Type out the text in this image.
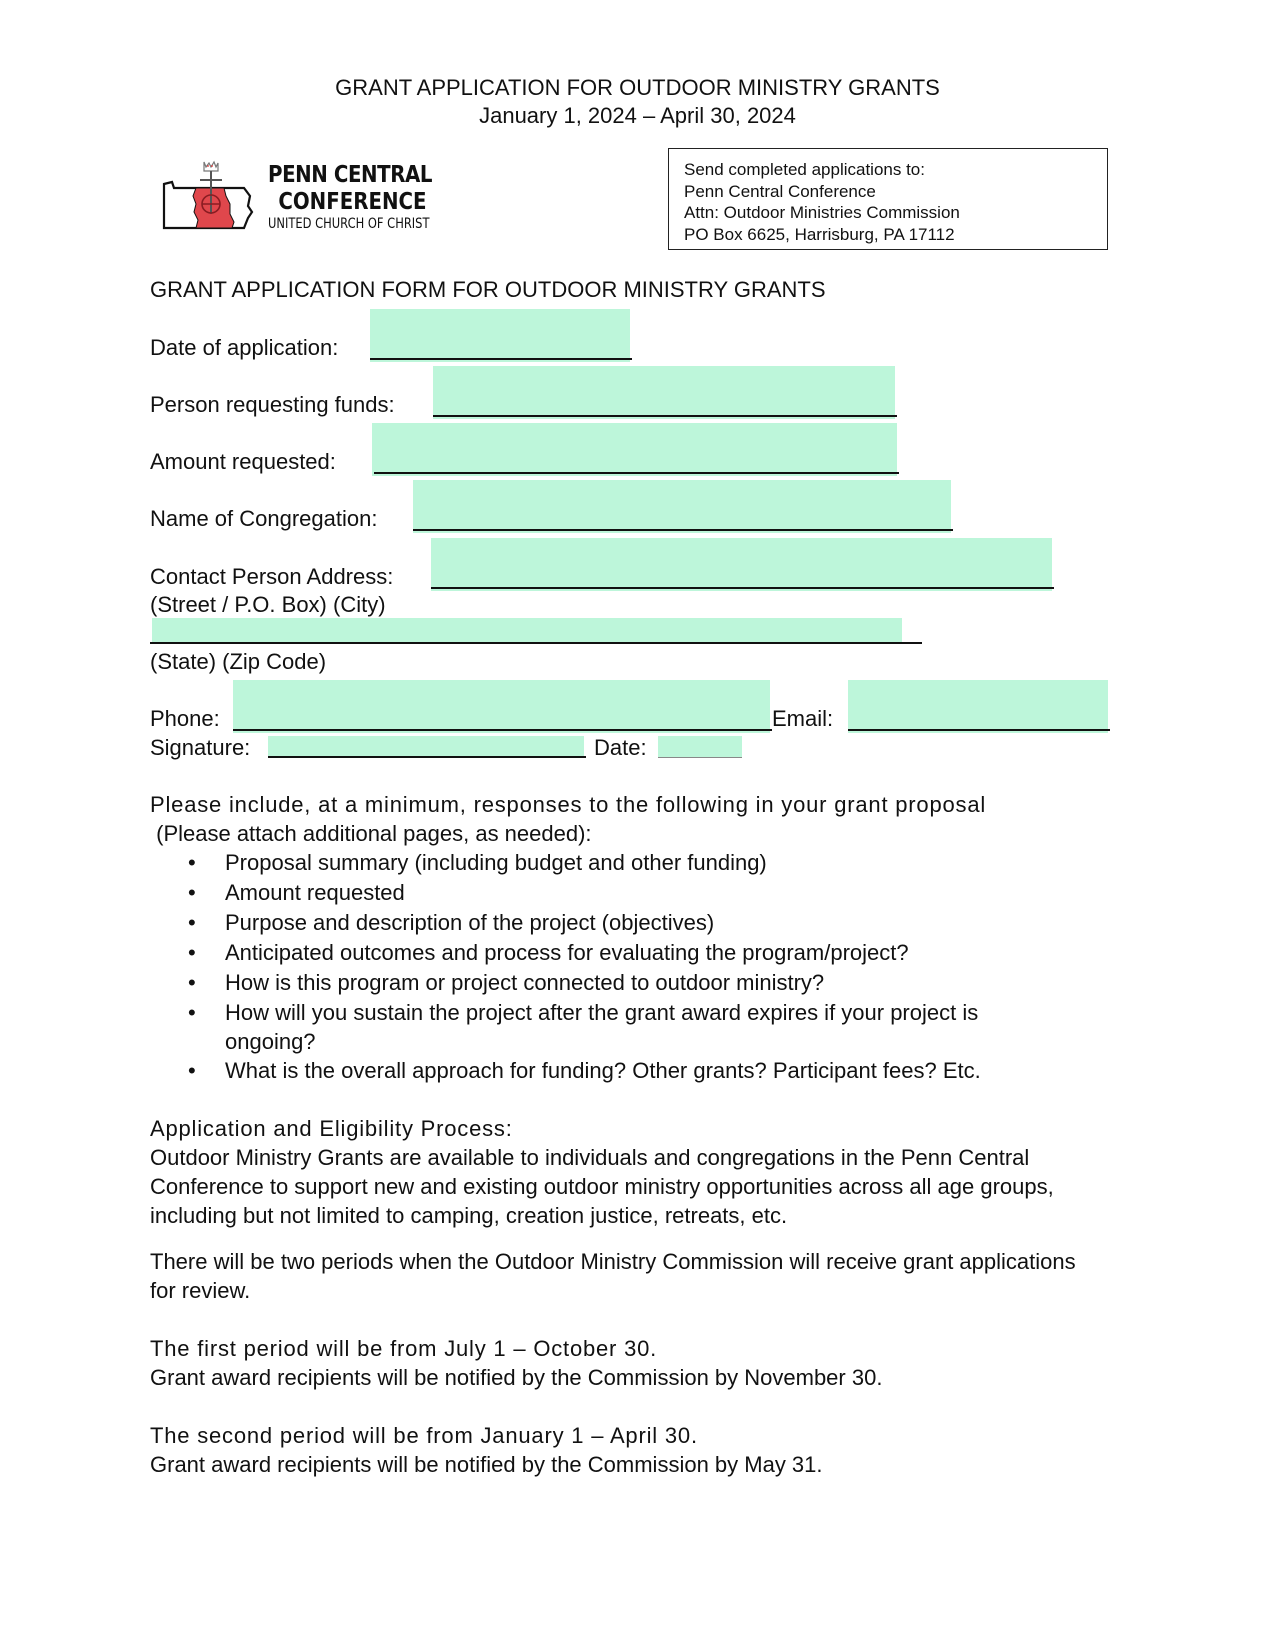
GRANT APPLICATION FOR OUTDOOR MINISTRY GRANTS
January 1, 2024 – April 30, 2024
PENN CENTRAL
CONFERENCE
UNITED CHURCH OF CHRIST
Send completed applications to:
Penn Central Conference
Attn: Outdoor Ministries Commission
PO Box 6625, Harrisburg, PA 17112
GRANT APPLICATION FORM FOR OUTDOOR MINISTRY GRANTS
Date of application:
Person requesting funds:
Amount requested:
Name of Congregation:
Contact Person Address:
(Street / P.O. Box) (City)
(State) (Zip Code)
Phone:	Email:
Signature:	Date:
Please include, at a minimum, responses to the following in your grant proposal
(Please attach additional pages, as needed):
• Proposal summary (including budget and other funding)
• Amount requested
• Purpose and description of the project (objectives)
• Anticipated outcomes and process for evaluating the program/project?
• How is this program or project connected to outdoor ministry?
• How will you sustain the project after the grant award expires if your project is ongoing?
• What is the overall approach for funding? Other grants? Participant fees? Etc.
Application and Eligibility Process:
Outdoor Ministry Grants are available to individuals and congregations in the Penn Central Conference to support new and existing outdoor ministry opportunities across all age groups, including but not limited to camping, creation justice, retreats, etc.
There will be two periods when the Outdoor Ministry Commission will receive grant applications for review.
The first period will be from July 1 – October 30.
Grant award recipients will be notified by the Commission by November 30.
The second period will be from January 1 – April 30.
Grant award recipients will be notified by the Commission by May 31.
